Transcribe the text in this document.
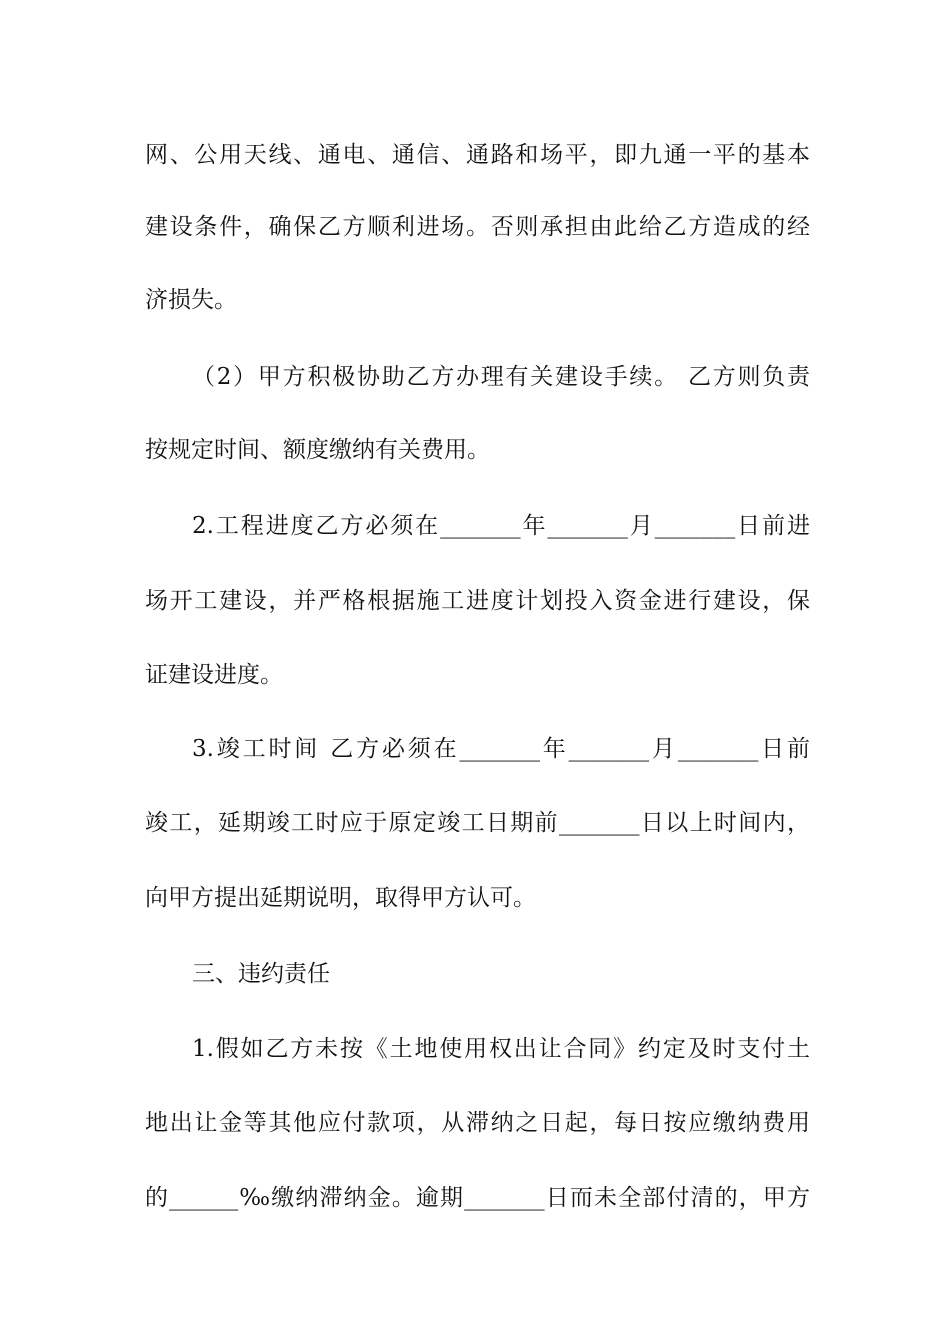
网、公用天线、通电、通信、通路和场平，即九通一平的基本
建设条件，确保乙方顺利进场。否则承担由此给乙方造成的经
济损失。
（2）甲方积极协助乙方办理有关建设手续。 乙方则负责
按规定时间、额度缴纳有关费用。
2.工程进度乙方必须在_______年_______月_______日前进
场开工建设，并严格根据施工进度计划投入资金进行建设，保
证建设进度。
3.竣工时间 乙方必须在_______年_______月_______日前
竣工，延期竣工时应于原定竣工日期前_______日以上时间内，
向甲方提出延期说明，取得甲方认可。
三、违约责任
1.假如乙方未按《土地使用权出让合同》约定及时支付土
地出让金等其他应付款项，从滞纳之日起，每日按应缴纳费用
的______‰缴纳滞纳金。逾期_______日而未全部付清的，甲方
